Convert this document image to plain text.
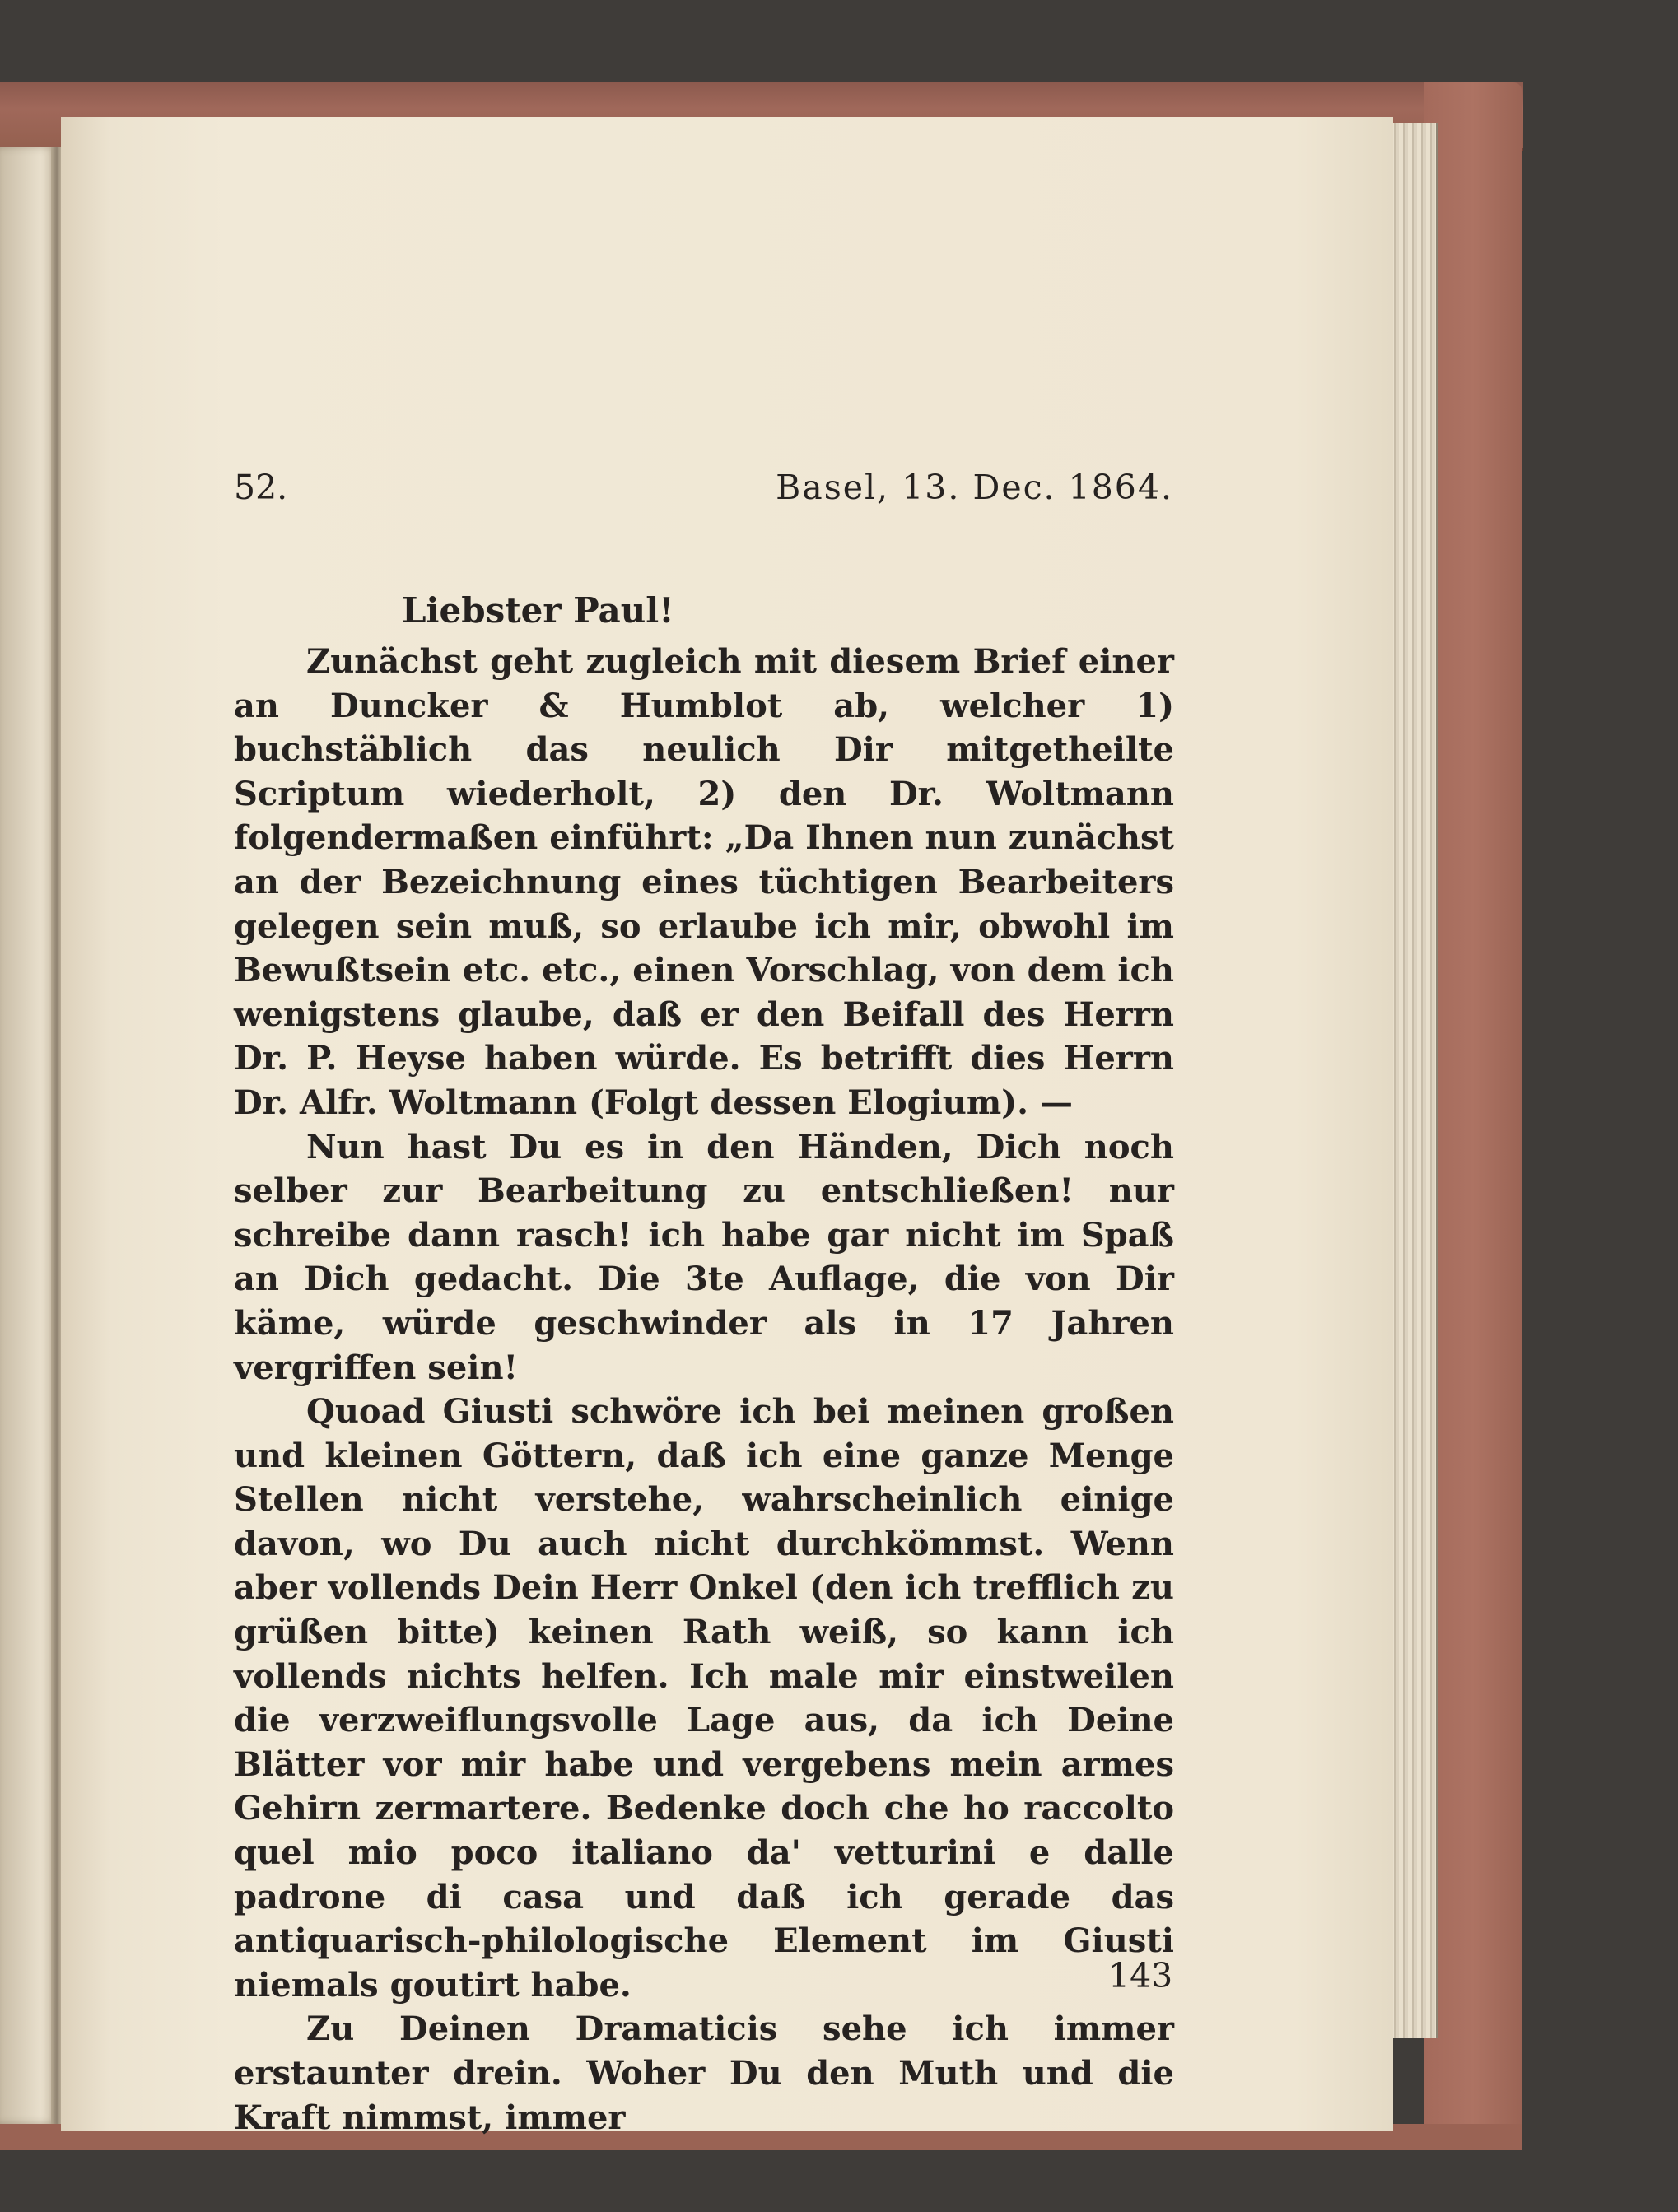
52.	Basel, 13. Dec. 1864.
Liebster Paul!

Zunächst geht zugleich mit diesem Brief einer an Duncker & Humblot ab, welcher 1) buchstäblich das neulich Dir mitgetheilte Scriptum wiederholt, 2) den Dr. Woltmann folgendermaßen einführt: „Da Ihnen nun zunächst an der Bezeichnung eines tüchtigen Bearbeiters gelegen sein muß, so erlaube ich mir, obwohl im Bewußtsein etc. etc., einen Vorschlag, von dem ich wenigstens glaube, daß er den Beifall des Herrn Dr. P. Heyse haben würde. Es betrifft dies Herrn Dr. Alfr. Woltmann (Folgt dessen Elogium). —

Nun hast Du es in den Händen, Dich noch selber zur Bearbeitung zu entschließen! nur schreibe dann rasch! ich habe gar nicht im Spaß an Dich gedacht. Die 3te Auflage, die von Dir käme, würde geschwinder als in 17 Jahren vergriffen sein!

Quoad Giusti schwöre ich bei meinen großen und kleinen Göttern, daß ich eine ganze Menge Stellen nicht verstehe, wahrscheinlich einige davon, wo Du auch nicht durchkömmst. Wenn aber vollends Dein Herr Onkel (den ich trefflich zu grüßen bitte) keinen Rath weiß, so kann ich vollends nichts helfen. Ich male mir einstweilen die verzweiflungsvolle Lage aus, da ich Deine Blätter vor mir habe und vergebens mein armes Gehirn zermartere. Bedenke doch che ho raccolto quel mio poco italiano da' vetturini e dalle padrone di casa und daß ich gerade das antiquarisch-philologische Element im Giusti niemals goutirt habe.

Zu Deinen Dramaticis sehe ich immer erstaunter drein. Woher Du den Muth und die Kraft nimmst, immer

143
